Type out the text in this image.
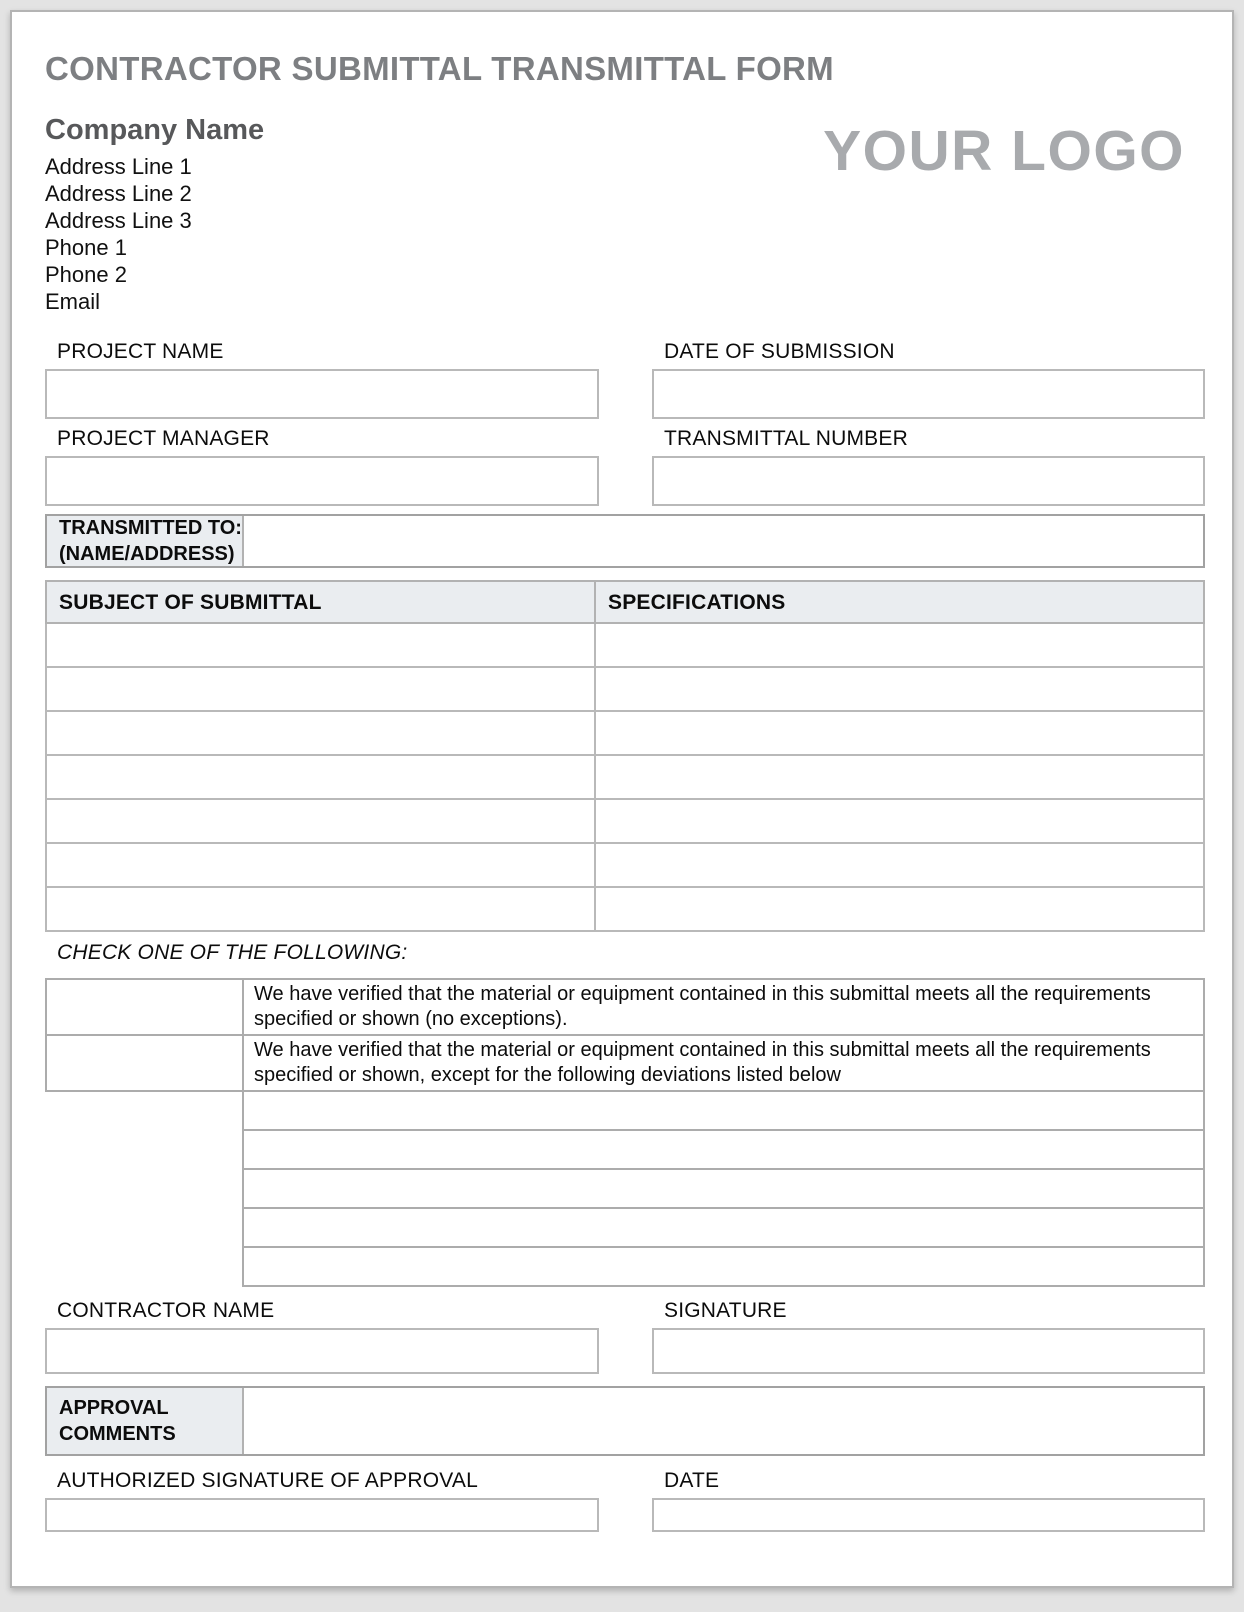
CONTRACTOR SUBMITTAL TRANSMITTAL FORM
Company Name
Address Line 1
Address Line 2
Address Line 3
Phone 1
Phone 2
Email
YOUR LOGO
PROJECT NAME	DATE OF SUBMISSION
PROJECT MANAGER	TRANSMITTAL NUMBER
TRANSMITTED TO:
(NAME/ADDRESS)
SUBJECT OF SUBMITTAL	SPECIFICATIONS

CHECK ONE OF THE FOLLOWING:
	We have verified that the material or equipment contained in this submittal meets all the requirements specified or shown (no exceptions).
	We have verified that the material or equipment contained in this submittal meets all the requirements specified or shown, except for the following deviations listed below

CONTRACTOR NAME	SIGNATURE
APPROVAL
COMMENTS
AUTHORIZED SIGNATURE OF APPROVAL	DATE
